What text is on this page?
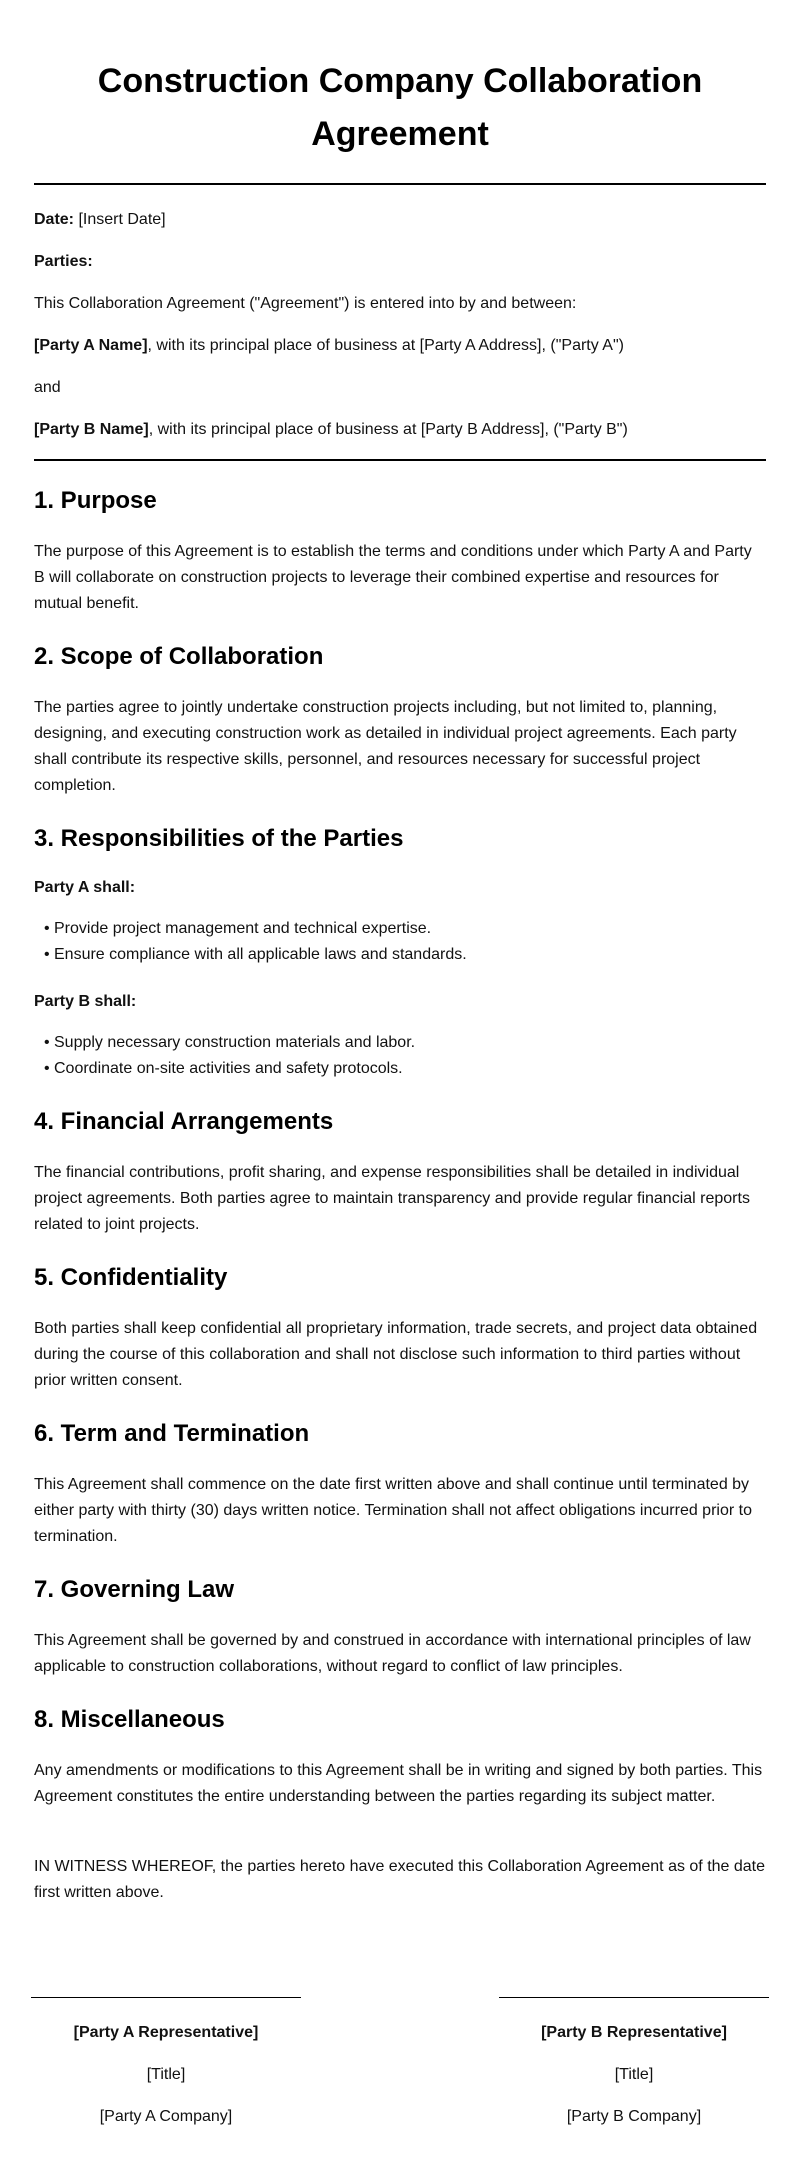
Construction Company Collaboration Agreement

Date: [Insert Date]

Parties:

This Collaboration Agreement ("Agreement") is entered into by and between:

[Party A Name], with its principal place of business at [Party A Address], ("Party A")

and

[Party B Name], with its principal place of business at [Party B Address], ("Party B")

1. Purpose

The purpose of this Agreement is to establish the terms and conditions under which Party A and Party B will collaborate on construction projects to leverage their combined expertise and resources for mutual benefit.

2. Scope of Collaboration

The parties agree to jointly undertake construction projects including, but not limited to, planning, designing, and executing construction work as detailed in individual project agreements. Each party shall contribute its respective skills, personnel, and resources necessary for successful project completion.

3. Responsibilities of the Parties

Party A shall:

• Provide project management and technical expertise.
• Ensure compliance with all applicable laws and standards.

Party B shall:

• Supply necessary construction materials and labor.
• Coordinate on-site activities and safety protocols.
4. Financial Arrangements

The financial contributions, profit sharing, and expense responsibilities shall be detailed in individual project agreements. Both parties agree to maintain transparency and provide regular financial reports related to joint projects.

5. Confidentiality

Both parties shall keep confidential all proprietary information, trade secrets, and project data obtained during the course of this collaboration and shall not disclose such information to third parties without prior written consent.

6. Term and Termination

This Agreement shall commence on the date first written above and shall continue until terminated by either party with thirty (30) days written notice. Termination shall not affect obligations incurred prior to termination.

7. Governing Law

This Agreement shall be governed by and construed in accordance with international principles of law applicable to construction collaborations, without regard to conflict of law principles.

8. Miscellaneous

Any amendments or modifications to this Agreement shall be in writing and signed by both parties. This Agreement constitutes the entire understanding between the parties regarding its subject matter.

IN WITNESS WHEREOF, the parties hereto have executed this Collaboration Agreement as of the date first written above.

[Party A Representative]
[Title]
[Party A Company]
[Party B Representative]
[Title]
[Party B Company]
